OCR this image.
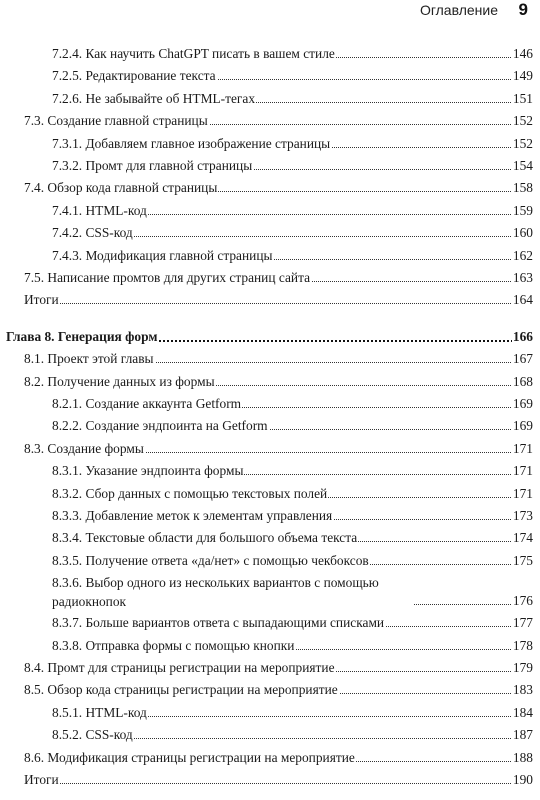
Оглавление 9
7.2.4. Как научить ChatGPT писать в вашем стиле	146
7.2.5. Редактирование текста	149
7.2.6. Не забывайте об HTML-тегах	151
7.3. Создание главной страницы	152
7.3.1. Добавляем главное изображение страницы	152
7.3.2. Промт для главной страницы	154
7.4. Обзор кода главной страницы	158
7.4.1. HTML-код	159
7.4.2. CSS-код	160
7.4.3. Модификация главной страницы	162
7.5. Написание промтов для других страниц сайта	163
Итоги	164
Глава 8. Генерация форм	166
8.1. Проект этой главы	167
8.2. Получение данных из формы	168
8.2.1. Создание аккаунта Getform	169
8.2.2. Создание эндпоинта на Getform	169
8.3. Создание формы	171
8.3.1. Указание эндпоинта формы	171
8.3.2. Сбор данных с помощью текстовых полей	171
8.3.3. Добавление меток к элементам управления	173
8.3.4. Текстовые области для большого объема текста	174
8.3.5. Получение ответа «да/нет» с помощью чекбоксов	175
8.3.6. Выбор одного из нескольких вариантов с помощью радиокнопок	176
8.3.7. Больше вариантов ответа с выпадающими списками	177
8.3.8. Отправка формы с помощью кнопки	178
8.4. Промт для страницы регистрации на мероприятие	179
8.5. Обзор кода страницы регистрации на мероприятие	183
8.5.1. HTML-код	184
8.5.2. CSS-код	187
8.6. Модификация страницы регистрации на мероприятие	188
Итоги	190
